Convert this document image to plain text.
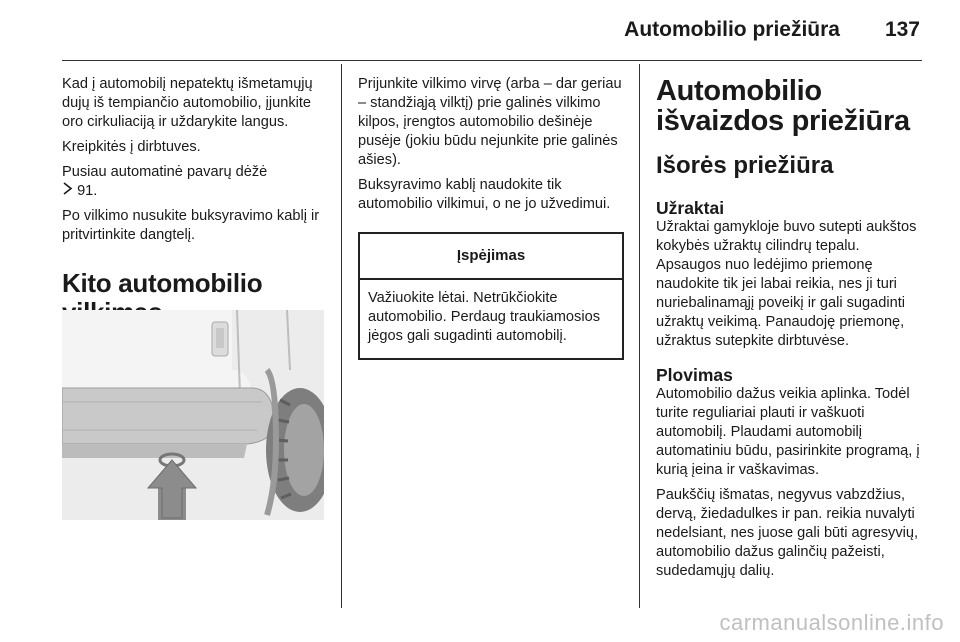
Automobilio priežiūra 137

Kad į automobilį nepatektų išmetamųjų dujų iš tempiančio automobilio, įjunkite oro cirkuliaciją ir uždarykite langus.

Kreipkitės į dirbtuves.

Pusiau automatinė pavarų dėžė
91.

Po vilkimo nusukite buksyravimo kablį ir pritvirtinkite dangtelį.

Kito automobilio

Prijunkite vilkimo virvę (arba – dar geriau – standžiąją vilktį) prie galinės vilkimo kilpos, įrengtos automobilio dešinėje pusėje (jokiu būdu nejunkite prie galinės ašies).

Buksyravimo kablį naudokite tik automobilio vilkimui, o ne jo užvedimui.

Įspėjimas
Važiuokite lėtai. Netrūkčiokite automobilio. Perdaug traukiamosios jėgos gali sugadinti automobilį.
Automobilio išvaizdos priežiūra
Išorės priežiūra
Užraktai

Užraktai gamykloje buvo sutepti aukštos kokybės užraktų cilindrų tepalu. Apsaugos nuo ledėjimo priemonę naudokite tik jei labai reikia, nes ji turi nuriebalinamąjį poveikį ir gali sugadinti užraktų veikimą. Panaudoję priemonę, užraktus sutepkite dirbtuvėse.

Plovimas

Automobilio dažus veikia aplinka. Todėl turite reguliariai plauti ir vaškuoti automobilį. Plaudami automobilį automatiniu būdu, pasirinkite programą, į kurią įeina ir vaškavimas.

Paukščių išmatas, negyvus vabzdžius, dervą, žiedadulkes ir pan. reikia nuvalyti nedelsiant, nes juose gali būti agresyvių, automobilio dažus galinčių pažeisti, sudedamųjų dalių.

carmanualsonline.info
